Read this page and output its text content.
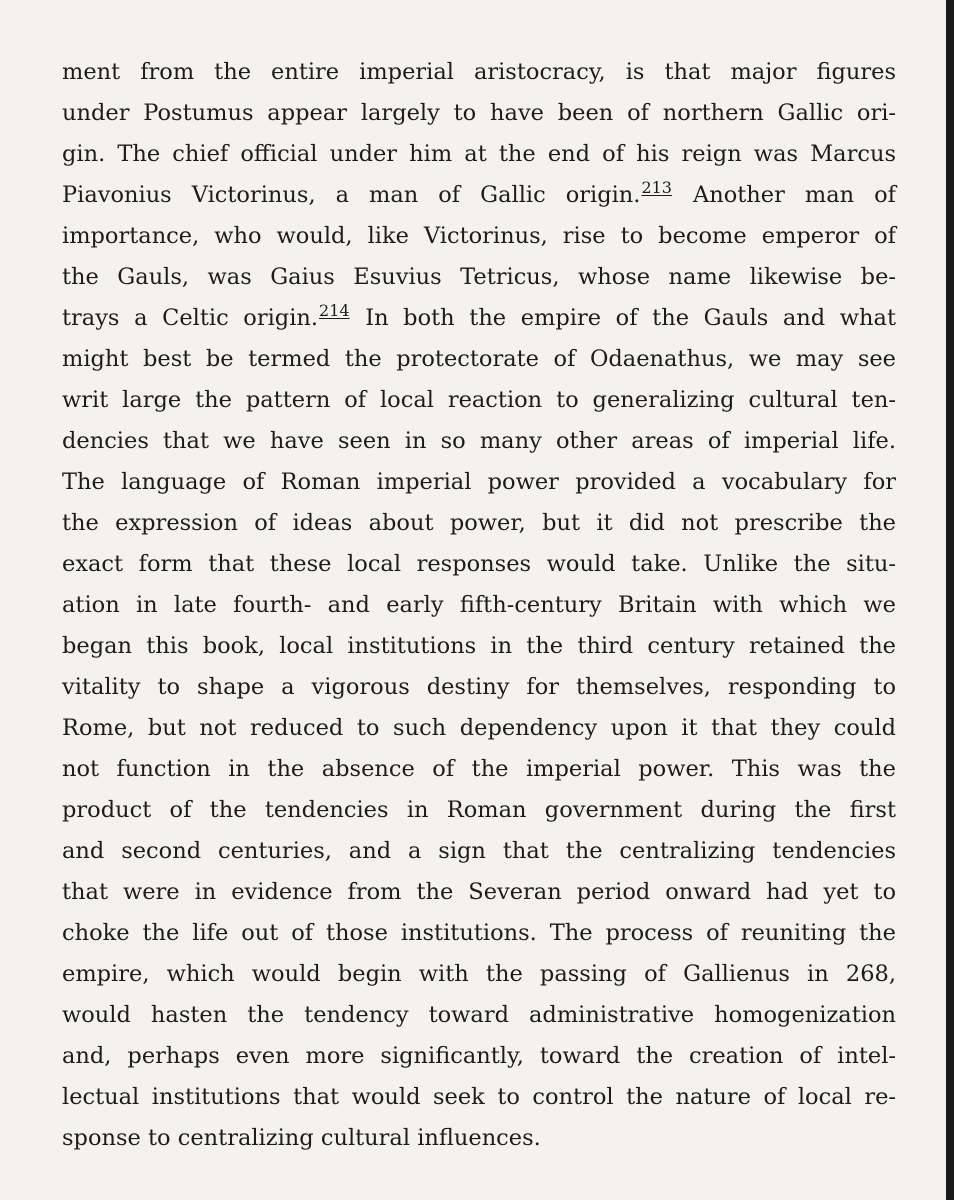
ment from the entire imperial aristocracy, is that major figures

under Postumus appear largely to have been of northern Gallic ori-

gin. The chief official under him at the end of his reign was Marcus

Piavonius Victorinus, a man of Gallic origin.$^{213}$ Another man of

importance, who would, like Victorinus, rise to become emperor of

the Gauls, was Gaius Esuvius Tetricus, whose name likewise be-

trays a Celtic origin.$^{214}$ In both the empire of the Gauls and what

might best be termed the protectorate of Odaenathus, we may see

writ large the pattern of local reaction to generalizing cultural ten-

dencies that we have seen in so many other areas of imperial life.

The language of Roman imperial power provided a vocabulary for

the expression of ideas about power, but it did not prescribe the

exact form that these local responses would take. Unlike the situ-

ation in late fourth- and early fifth-century Britain with which we

began this book, local institutions in the third century retained the

vitality to shape a vigorous destiny for themselves, responding to

Rome, but not reduced to such dependency upon it that they could

not function in the absence of the imperial power. This was the

product of the tendencies in Roman government during the first

and second centuries, and a sign that the centralizing tendencies

that were in evidence from the Severan period onward had yet to

choke the life out of those institutions. The process of reuniting the

empire, which would begin with the passing of Gallienus in 268,

would hasten the tendency toward administrative homogenization

and, perhaps even more significantly, toward the creation of intel-

lectual institutions that would seek to control the nature of local re-

sponse to centralizing cultural influences.
